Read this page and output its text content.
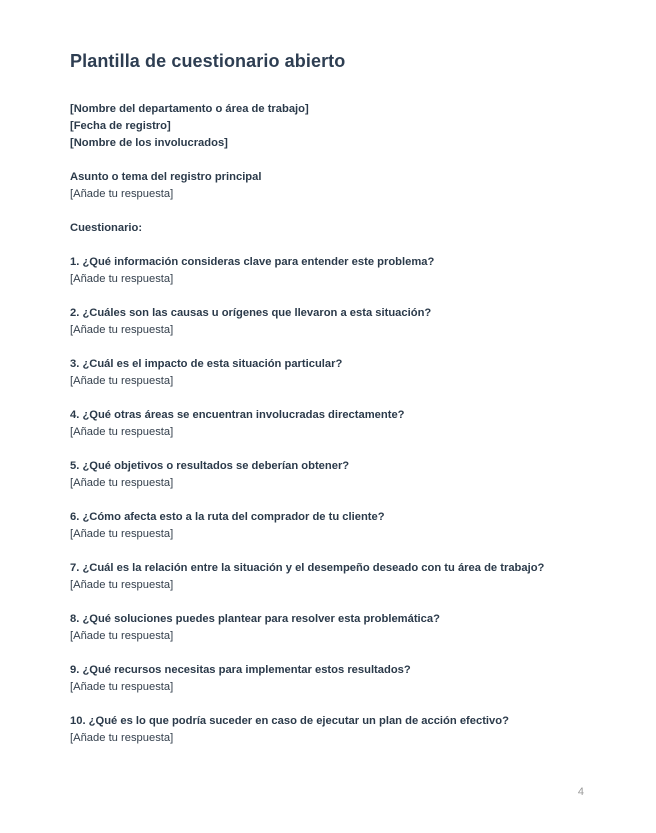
Plantilla de cuestionario abierto
[Nombre del departamento o área de trabajo]
[Fecha de registro]
[Nombre de los involucrados]
Asunto o tema del registro principal
[Añade tu respuesta]
Cuestionario:
1. ¿Qué información consideras clave para entender este problema?
[Añade tu respuesta]
2. ¿Cuáles son las causas u orígenes que llevaron a esta situación?
[Añade tu respuesta]
3. ¿Cuál es el impacto de esta situación particular?
[Añade tu respuesta]
4. ¿Qué otras áreas se encuentran involucradas directamente?
[Añade tu respuesta]
5. ¿Qué objetivos o resultados se deberían obtener?
[Añade tu respuesta]
6. ¿Cómo afecta esto a la ruta del comprador de tu cliente?
[Añade tu respuesta]
7. ¿Cuál es la relación entre la situación y el desempeño deseado con tu área de trabajo?
[Añade tu respuesta]
8. ¿Qué soluciones puedes plantear para resolver esta problemática?
[Añade tu respuesta]
9. ¿Qué recursos necesitas para implementar estos resultados?
[Añade tu respuesta]
10. ¿Qué es lo que podría suceder en caso de ejecutar un plan de acción efectivo?
[Añade tu respuesta]
4
